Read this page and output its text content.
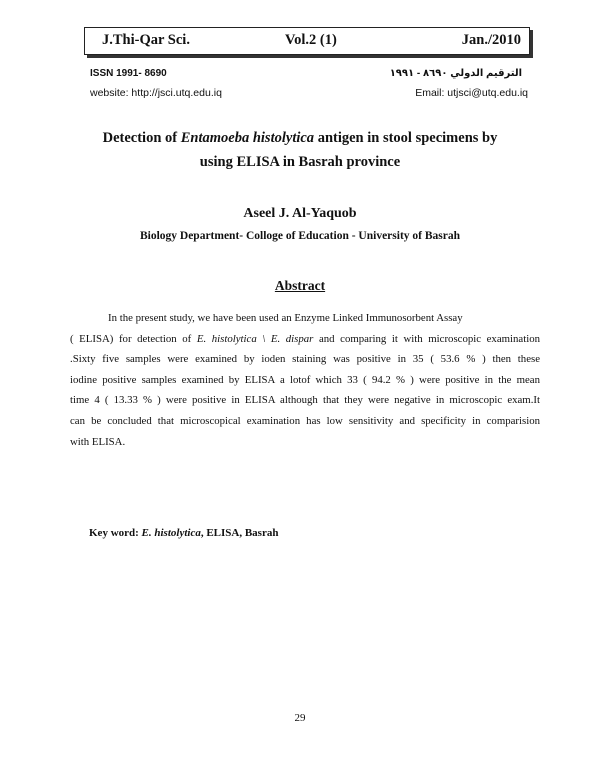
J.Thi-Qar Sci.	Vol.2 (1)	Jan./2010
ISSN 1991- 8690	الترقيم الدولي ٨٦٩٠ - ١٩٩١
website: http://jsci.utq.edu.iq	Email: utjsci@utq.edu.iq
Detection of Entamoeba histolytica antigen in stool specimens by
using ELISA in Basrah province
Aseel J. Al-Yaquob
Biology Department- Colloge of Education - University of Basrah
Abstract
In the present study, we have been used an Enzyme Linked Immunosorbent Assay
( ELISA) for detection of E. histolytica \ E. dispar and comparing it with microscopic examination
.Sixty five samples were examined by ioden staining was positive in 35 ( 53.6 % ) then these
iodine positive samples examined by ELISA a lotof which 33 ( 94.2 % ) were positive in the mean
time 4 ( 13.33 % ) were positive in ELISA although that they were negative in microscopic exam.It
can be concluded that microscopical examination has low sensitivity and specificity in comparision
with ELISA.
Key word: E. histolytica, ELISA, Basrah
29
